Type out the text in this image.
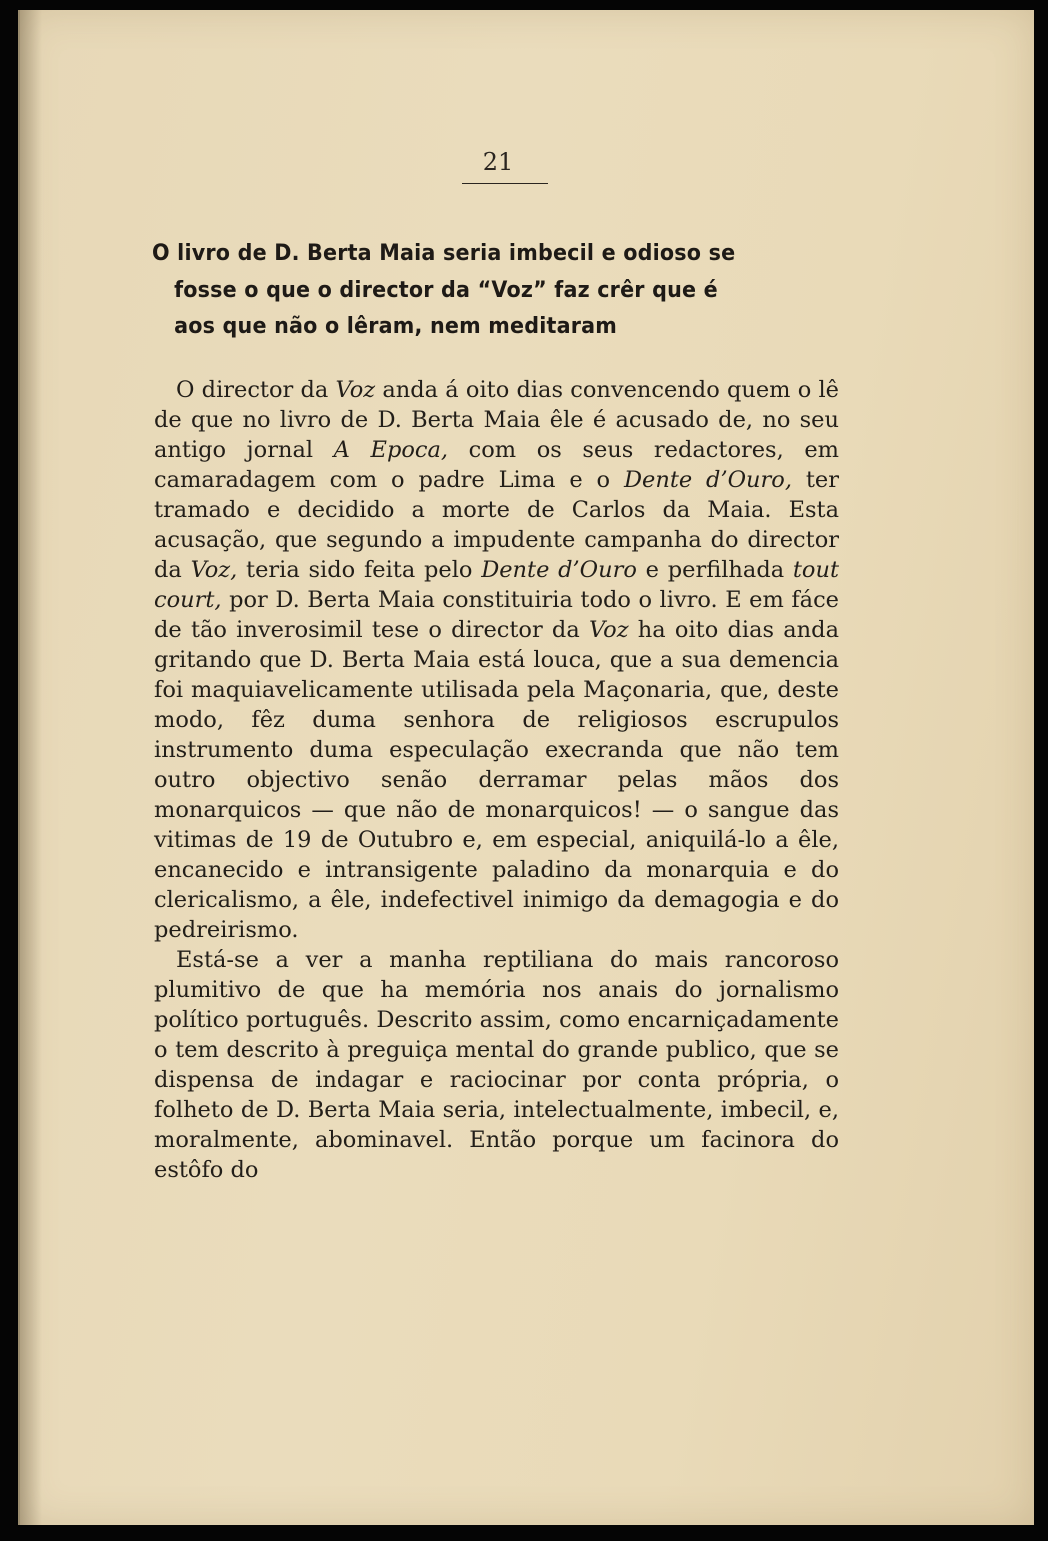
21
O livro de D. Berta Maia seria imbecil e odioso se
fosse o que o director da “Voz” faz crêr que é
aos que não o lêram, nem meditaram

O director da Voz anda á oito dias convencendo quem o lê de que no livro de D. Berta Maia êle é acusado de, no seu antigo jornal A Epoca, com os seus redactores, em camaradagem com o padre Lima e o Dente d’Ouro, ter tramado e decidido a morte de Carlos da Maia. Esta acusação, que segundo a impudente campanha do director da Voz, teria sido feita pelo Dente d’Ouro e perfilhada tout court, por D. Berta Maia constituiria todo o livro. E em fáce de tão inverosimil tese o director da Voz ha oito dias anda gritando que D. Berta Maia está louca, que a sua demencia foi maquiavelicamente utilisada pela Maçonaria, que, deste modo, fêz duma senhora de religiosos escrupulos instrumento duma especulação execranda que não tem outro objectivo senão derramar pelas mãos dos monarquicos — que não de monarquicos! — o sangue das vitimas de 19 de Outubro e, em especial, aniquilá-lo a êle, encanecido e intransigente paladino da monarquia e do clericalismo, a êle, indefectivel inimigo da demagogia e do pedreirismo.

Está-se a ver a manha reptiliana do mais rancoroso plumitivo de que ha memória nos anais do jornalismo político português. Descrito assim, como encarniçadamente o tem descrito à preguiça mental do grande publico, que se dispensa de indagar e raciocinar por conta própria, o folheto de D. Berta Maia seria, intelectualmente, imbecil, e, moralmente, abominavel. Então porque um facinora do estôfo do
